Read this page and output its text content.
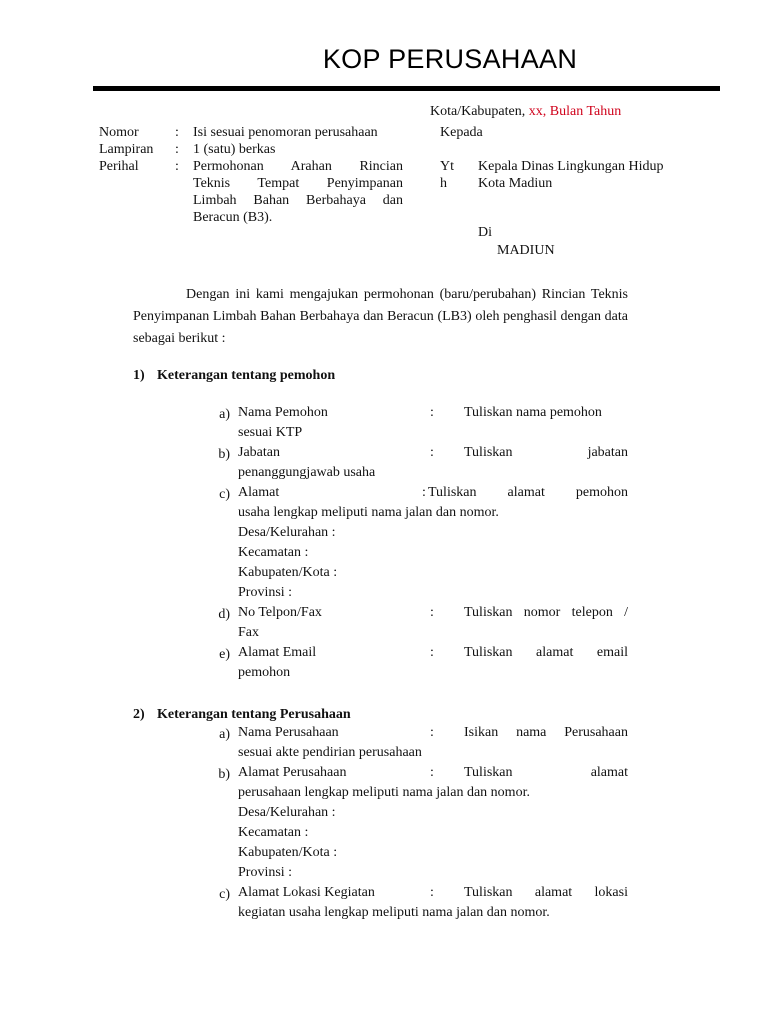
KOP PERUSAHAAN
Kota/Kabupaten, xx, Bulan Tahun
Nomor	: Isi sesuai penomoran perusahaan
Lampiran : 1 (satu) berkas
Perihal	: Permohonan Arahan Rincian
Teknis Tempat Penyimpanan
Limbah Bahan Berbahaya dan
Beracun (B3).
Kepada
Yt
h
Kepala Dinas Lingkungan Hidup
Kota Madiun
Di
MADIUN
Dengan ini kami mengajukan permohonan (baru/perubahan) Rincian Teknis Penyimpanan Limbah Bahan Berbahaya dan Beracun (LB3) oleh penghasil dengan data sebagai berikut :
1) Keterangan tentang pemohon
a) Nama Pemohon	:	Tuliskan nama pemohon
sesuai KTP
b) Jabatan	:	Tuliskan jabatan
penanggungjawab usaha
c) Alamat	: Tuliskan alamat pemohon
usaha lengkap meliputi nama jalan dan nomor.
Desa/Kelurahan :
Kecamatan :
Kabupaten/Kota :
Provinsi :
d) No Telpon/Fax	:	Tuliskan nomor telepon /
Fax
e) Alamat Email	:	Tuliskan alamat email
pemohon
2) Keterangan tentang Perusahaan
a) Nama Perusahaan	:	Isikan nama Perusahaan
sesuai akte pendirian perusahaan
b) Alamat Perusahaan	:	Tuliskan alamat
perusahaan lengkap meliputi nama jalan dan nomor.
Desa/Kelurahan :
Kecamatan :
Kabupaten/Kota :
Provinsi :
c) Alamat Lokasi Kegiatan	:	Tuliskan alamat lokasi
kegiatan usaha lengkap meliputi nama jalan dan nomor.
